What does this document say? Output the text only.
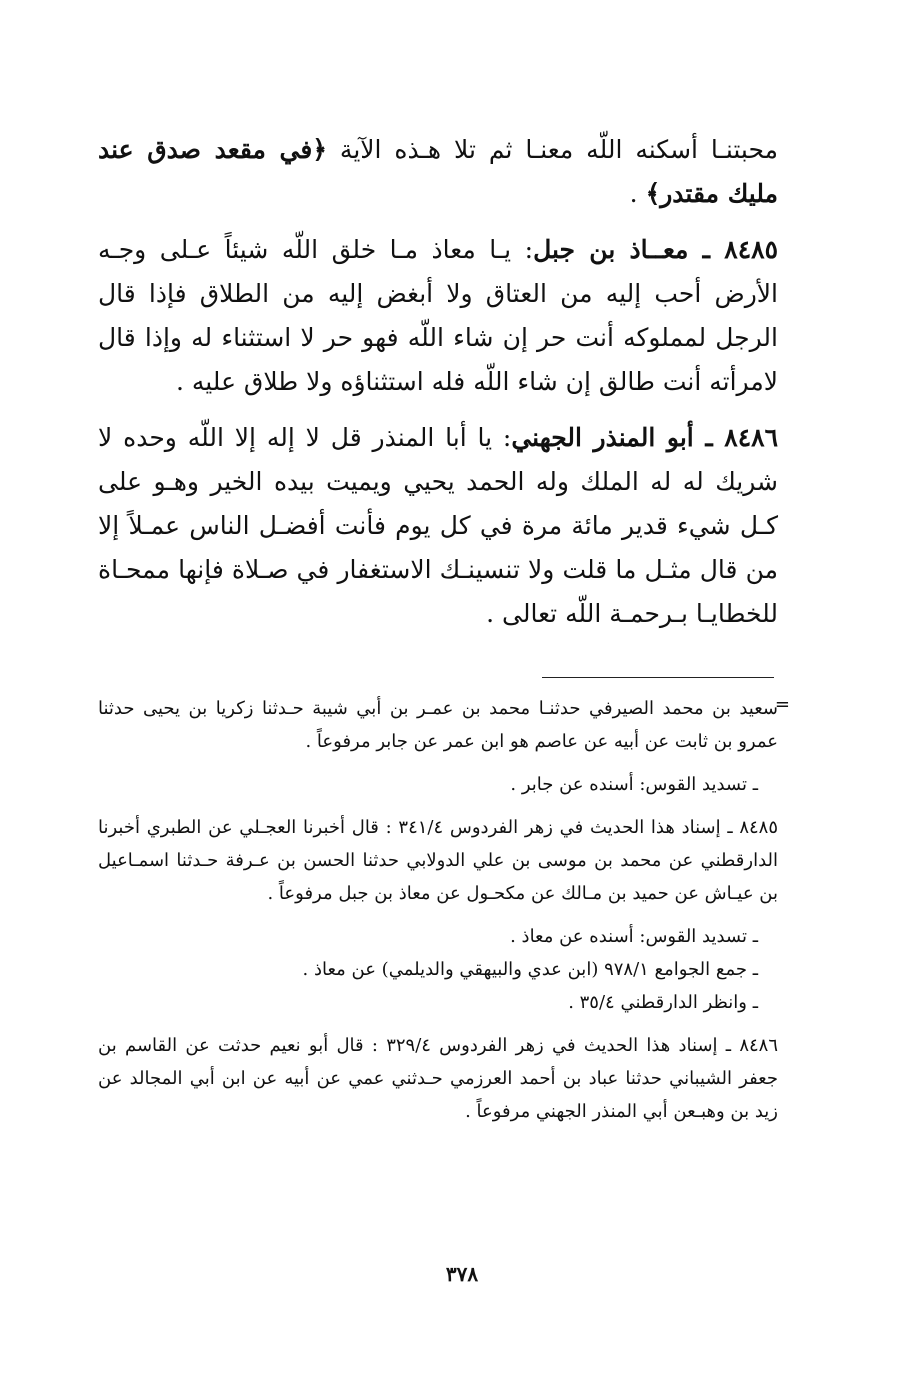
محبتنـا أسكنه اللّه معنـا ثم تلا هـذه الآية ﴿في مقعد صدق عند مليك مقتدر﴾ .

٨٤٨٥ ـ معــاذ بن جبل: يـا معاذ مـا خلق اللّه شيئاً عـلى وجـه الأرض أحب إليه من العتاق ولا أبغض إليه من الطلاق فإذا قال الرجل لمملوكه أنت حر إن شاء اللّه فهو حر لا استثناء له وإذا قال لامرأته أنت طالق إن شاء اللّه فله استثناؤه ولا طلاق عليه .

٨٤٨٦ ـ أبو المنذر الجهني: يا أبا المنذر قل لا إله إلا اللّه وحده لا شريك له له الملك وله الحمد يحيي ويميت بيده الخير وهـو على كـل شيء قدير مائة مرة في كل يوم فأنت أفضـل الناس عمـلاً إلا من قال مثـل ما قلت ولا تنسينـك الاستغفار في صـلاة فإنها ممحـاة للخطايـا بـرحمـة اللّه تعالى .

=

سعيد بن محمد الصيرفي حدثنـا محمد بن عمـر بن أبي شيبة حـدثنا زكريا بن يحيى حدثنا عمرو بن ثابت عن أبيه عن عاصم هو ابن عمر عن جابر مرفوعاً .

ـ تسديد القوس: أسنده عن جابر .

٨٤٨٥ ـ إسناد هذا الحديث في زهر الفردوس ٣٤١/٤ : قال أخبرنا العجـلي عن الطبري أخبرنا الدارقطني عن محمد بن موسى بن علي الدولابي حدثنا الحسن بن عـرفة حـدثنا اسمـاعيل بن عيـاش عن حميد بن مـالك عن مكحـول عن معاذ بن جبل مرفوعاً .

ـ تسديد القوس: أسنده عن معاذ .

ـ جمع الجوامع ٩٧٨/١ (ابن عدي والبيهقي والديلمي) عن معاذ .

ـ وانظر الدارقطني ٣٥/٤ .

٨٤٨٦ ـ إسناد هذا الحديث في زهر الفردوس ٣٢٩/٤ : قال أبو نعيم حدثت عن القاسم بن جعفر الشيباني حدثنا عباد بن أحمد العرزمي حـدثني عمي عن أبيه عن ابن أبي المجالد عن زيد بن وهبـعن أبي المنذر الجهني مرفوعاً .

٣٧٨
